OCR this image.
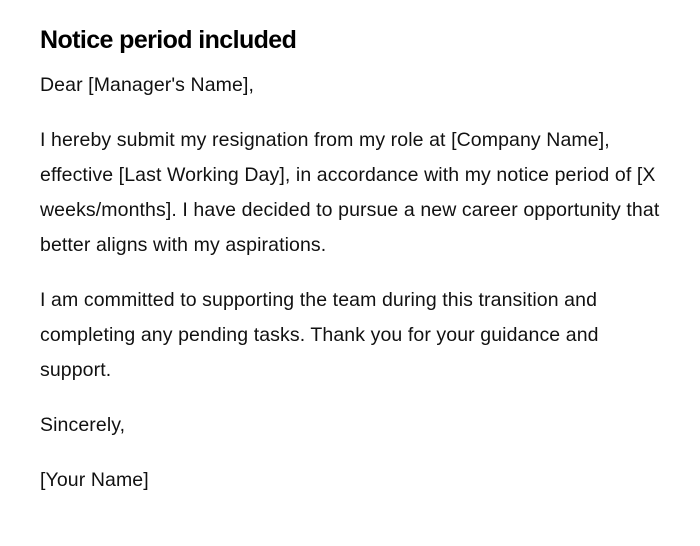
Notice period included

Dear [Manager's Name],

I hereby submit my resignation from my role at [Company Name], effective [Last Working Day], in accordance with my notice period of [X weeks/months]. I have decided to pursue a new career opportunity that better aligns with my aspirations.

I am committed to supporting the team during this transition and completing any pending tasks. Thank you for your guidance and support.

Sincerely,

[Your Name]
